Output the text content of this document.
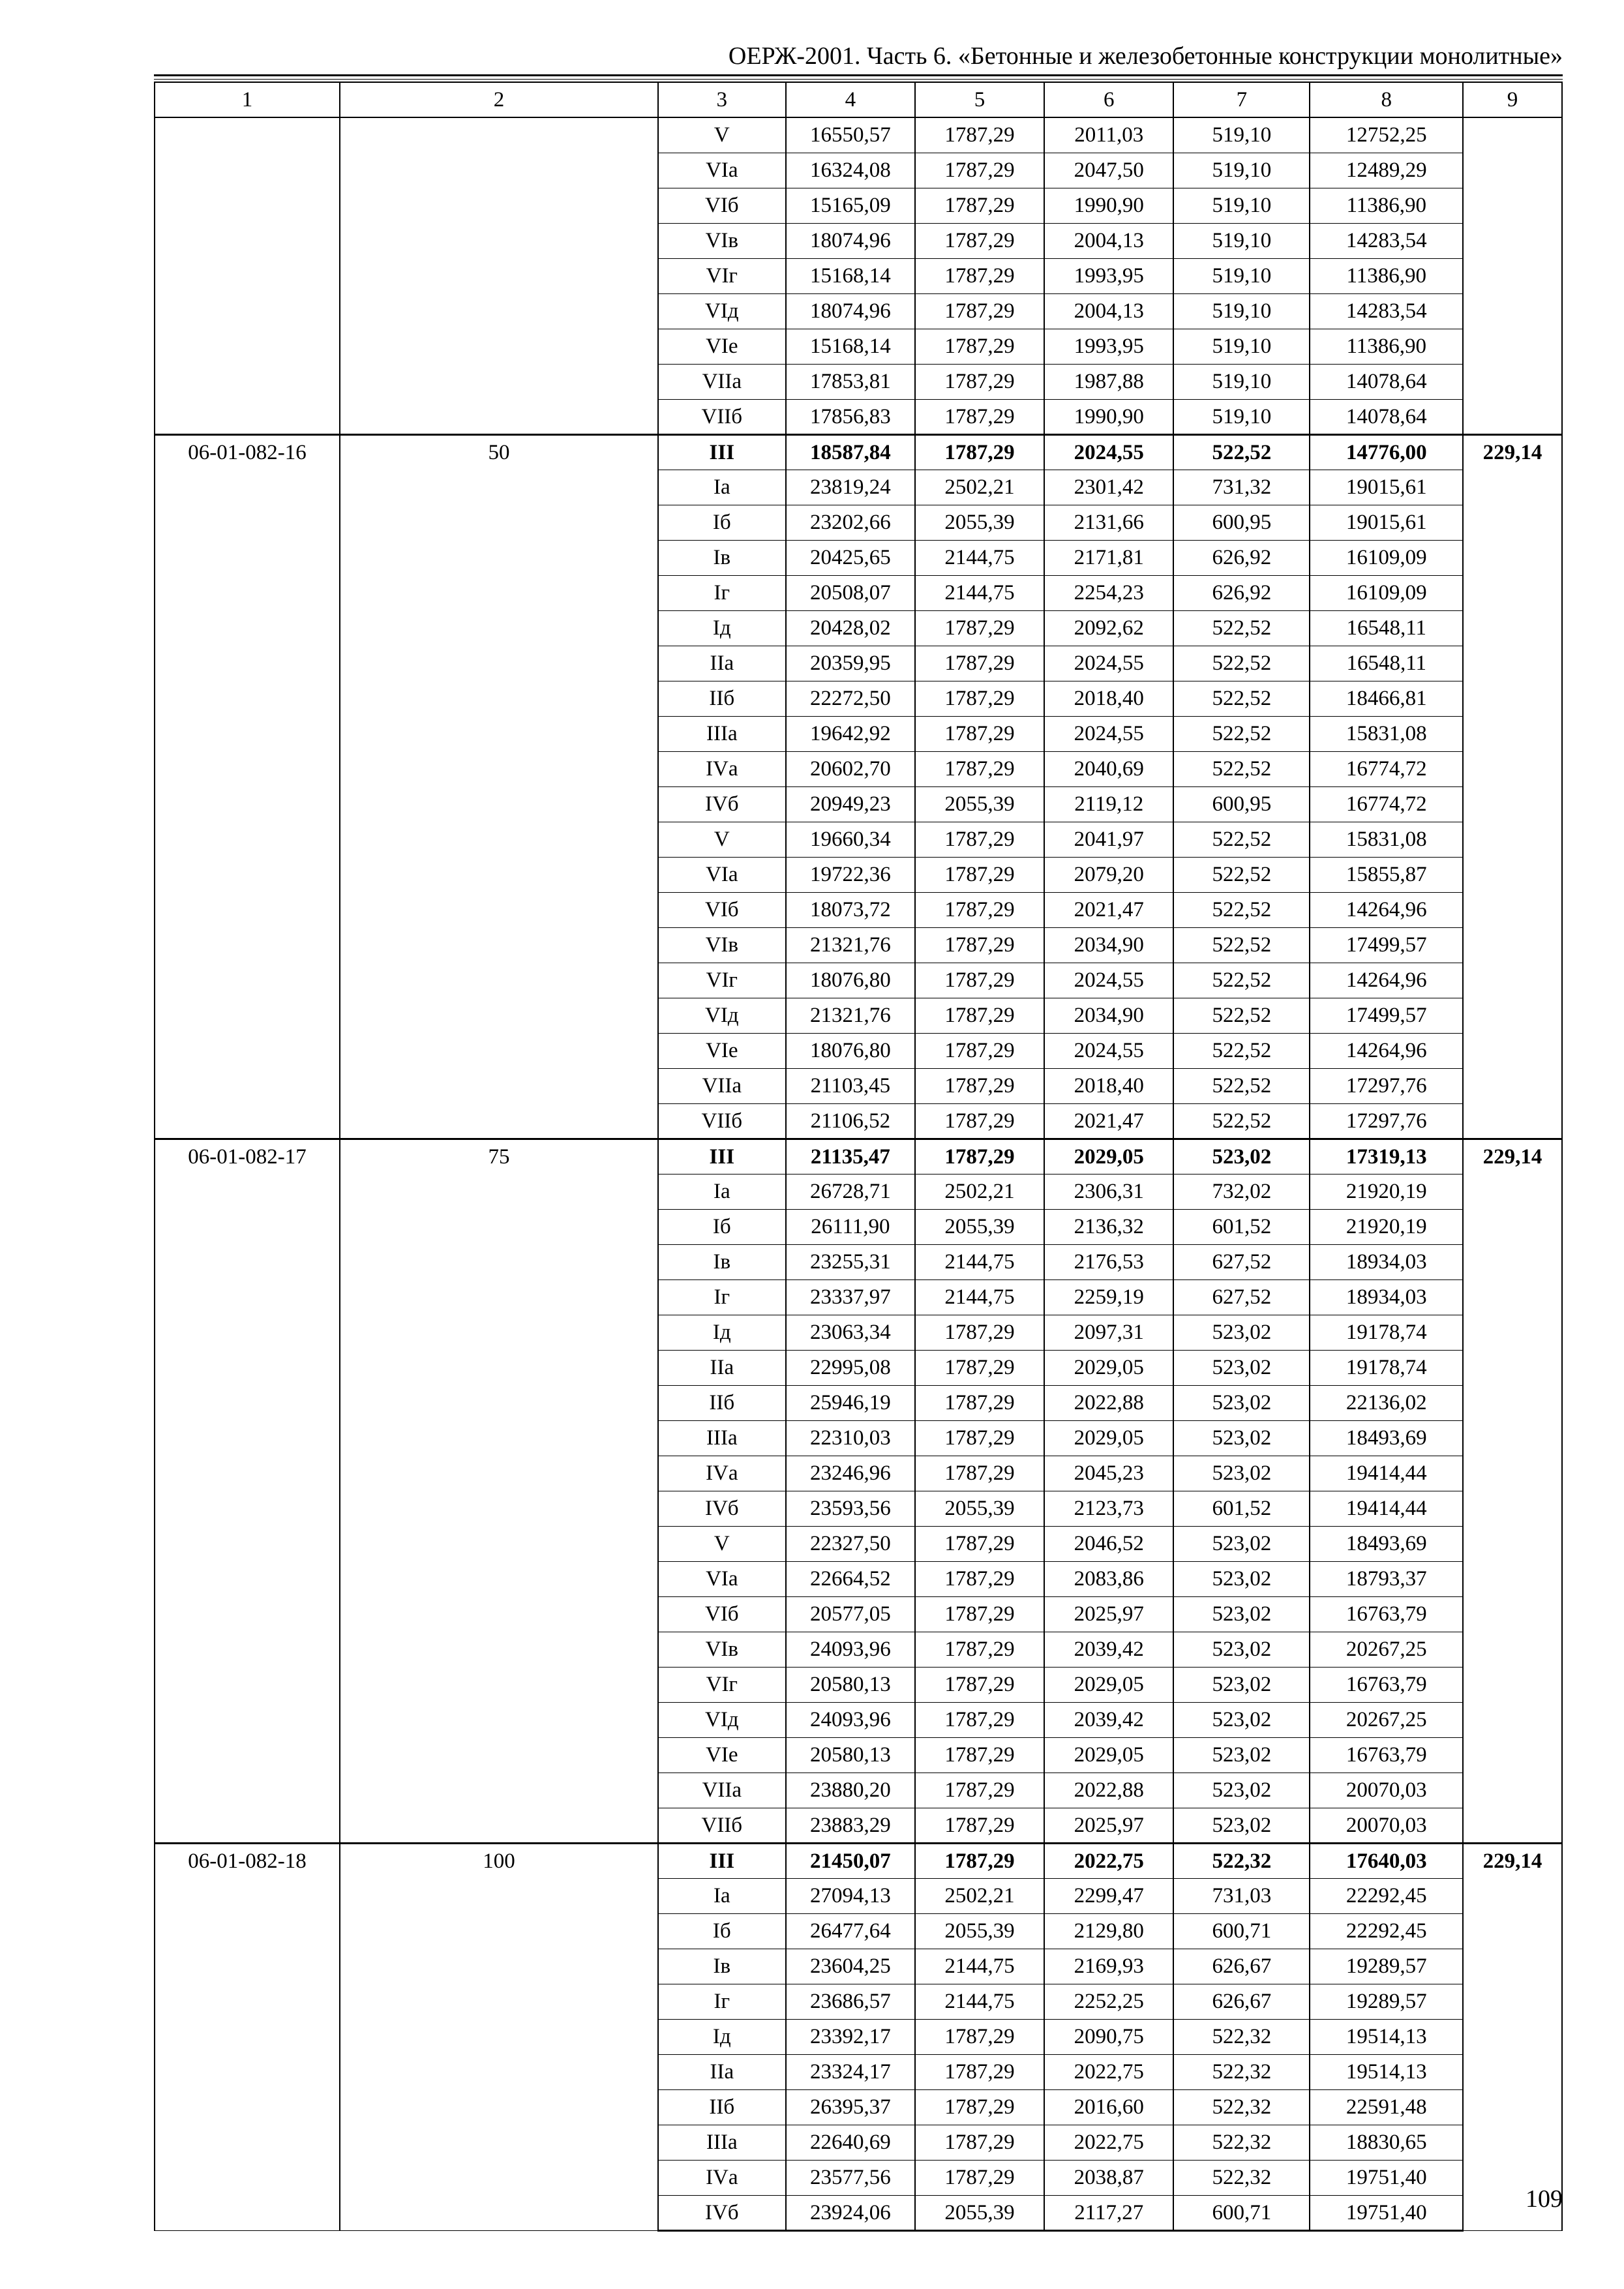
ОЕРЖ-2001. Часть 6. «Бетонные и железобетонные конструкции монолитные»
1	2	3	4	5	6	7	8	9
		V	16550,57	1787,29	2011,03	519,10	12752,25	
		VIа	16324,08	1787,29	2047,50	519,10	12489,29	
		VIб	15165,09	1787,29	1990,90	519,10	11386,90	
		VIв	18074,96	1787,29	2004,13	519,10	14283,54	
		VIг	15168,14	1787,29	1993,95	519,10	11386,90	
		VIд	18074,96	1787,29	2004,13	519,10	14283,54	
		VIе	15168,14	1787,29	1993,95	519,10	11386,90	
		VIIа	17853,81	1787,29	1987,88	519,10	14078,64	
		VIIб	17856,83	1787,29	1990,90	519,10	14078,64	
06-01-082-16	50	III	18587,84	1787,29	2024,55	522,52	14776,00	229,14
		Iа	23819,24	2502,21	2301,42	731,32	19015,61	
		Iб	23202,66	2055,39	2131,66	600,95	19015,61	
		Iв	20425,65	2144,75	2171,81	626,92	16109,09	
		Iг	20508,07	2144,75	2254,23	626,92	16109,09	
		Iд	20428,02	1787,29	2092,62	522,52	16548,11	
		IIа	20359,95	1787,29	2024,55	522,52	16548,11	
		IIб	22272,50	1787,29	2018,40	522,52	18466,81	
		IIIа	19642,92	1787,29	2024,55	522,52	15831,08	
		IVа	20602,70	1787,29	2040,69	522,52	16774,72	
		IVб	20949,23	2055,39	2119,12	600,95	16774,72	
		V	19660,34	1787,29	2041,97	522,52	15831,08	
		VIа	19722,36	1787,29	2079,20	522,52	15855,87	
		VIб	18073,72	1787,29	2021,47	522,52	14264,96	
		VIв	21321,76	1787,29	2034,90	522,52	17499,57	
		VIг	18076,80	1787,29	2024,55	522,52	14264,96	
		VIд	21321,76	1787,29	2034,90	522,52	17499,57	
		VIе	18076,80	1787,29	2024,55	522,52	14264,96	
		VIIа	21103,45	1787,29	2018,40	522,52	17297,76	
		VIIб	21106,52	1787,29	2021,47	522,52	17297,76	
06-01-082-17	75	III	21135,47	1787,29	2029,05	523,02	17319,13	229,14
		Iа	26728,71	2502,21	2306,31	732,02	21920,19	
		Iб	26111,90	2055,39	2136,32	601,52	21920,19	
		Iв	23255,31	2144,75	2176,53	627,52	18934,03	
		Iг	23337,97	2144,75	2259,19	627,52	18934,03	
		Iд	23063,34	1787,29	2097,31	523,02	19178,74	
		IIа	22995,08	1787,29	2029,05	523,02	19178,74	
		IIб	25946,19	1787,29	2022,88	523,02	22136,02	
		IIIа	22310,03	1787,29	2029,05	523,02	18493,69	
		IVа	23246,96	1787,29	2045,23	523,02	19414,44	
		IVб	23593,56	2055,39	2123,73	601,52	19414,44	
		V	22327,50	1787,29	2046,52	523,02	18493,69	
		VIа	22664,52	1787,29	2083,86	523,02	18793,37	
		VIб	20577,05	1787,29	2025,97	523,02	16763,79	
		VIв	24093,96	1787,29	2039,42	523,02	20267,25	
		VIг	20580,13	1787,29	2029,05	523,02	16763,79	
		VIд	24093,96	1787,29	2039,42	523,02	20267,25	
		VIе	20580,13	1787,29	2029,05	523,02	16763,79	
		VIIа	23880,20	1787,29	2022,88	523,02	20070,03	
		VIIб	23883,29	1787,29	2025,97	523,02	20070,03	
06-01-082-18	100	III	21450,07	1787,29	2022,75	522,32	17640,03	229,14
		Iа	27094,13	2502,21	2299,47	731,03	22292,45	
		Iб	26477,64	2055,39	2129,80	600,71	22292,45	
		Iв	23604,25	2144,75	2169,93	626,67	19289,57	
		Iг	23686,57	2144,75	2252,25	626,67	19289,57	
		Iд	23392,17	1787,29	2090,75	522,32	19514,13	
		IIа	23324,17	1787,29	2022,75	522,32	19514,13	
		IIб	26395,37	1787,29	2016,60	522,32	22591,48	
		IIIа	22640,69	1787,29	2022,75	522,32	18830,65	
		IVа	23577,56	1787,29	2038,87	522,32	19751,40	
		IVб	23924,06	2055,39	2117,27	600,71	19751,40		109
